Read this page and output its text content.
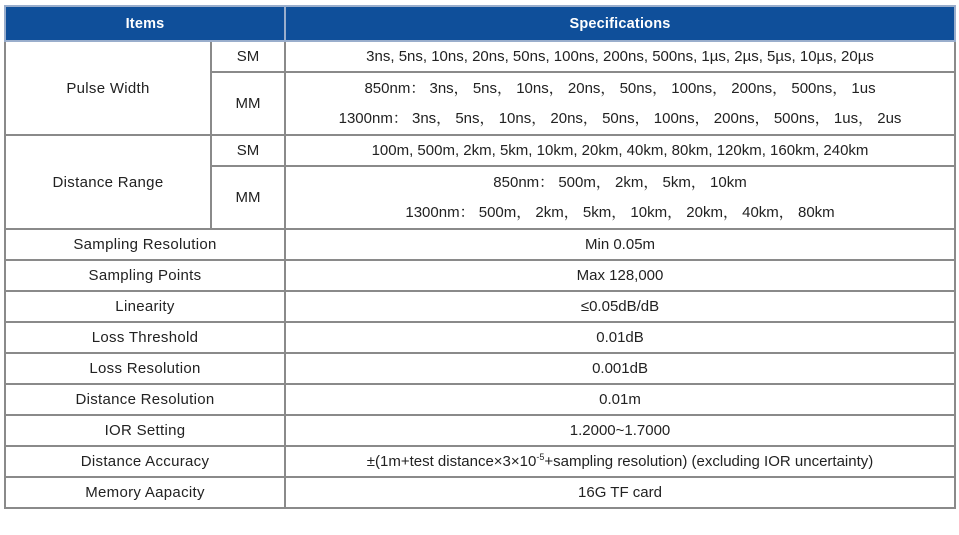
Items		Specifications
Pulse Width	SM	3ns, 5ns, 10ns, 20ns, 50ns, 100ns, 200ns, 500ns, 1µs, 2µs, 5µs, 10µs, 20µs
	MM	850nm： 3ns， 5ns， 10ns， 20ns， 50ns， 100ns， 200ns， 500ns， 1us
1300nm： 3ns， 5ns， 10ns， 20ns， 50ns， 100ns， 200ns， 500ns， 1us， 2us

Distance Range	SM	100m, 500m, 2km, 5km, 10km, 20km, 40km, 80km, 120km, 160km, 240km
	MM	850nm： 500m， 2km， 5km， 10km
1300nm： 500m， 2km， 5km， 10km， 20km， 40km， 80km

Sampling Resolution		Min 0.05m
Sampling Points		Max 128,000
Linearity		≤0.05dB/dB
Loss Threshold		0.01dB
Loss Resolution		0.001dB
Distance Resolution		0.01m
IOR Setting		1.2000~1.7000
Distance Accuracy		±(1m+test $distance\times 3\times 10^{-5}+sampling$ resolution) (excluding IOR uncertainty)
Memory Aapacity		16G TF card
